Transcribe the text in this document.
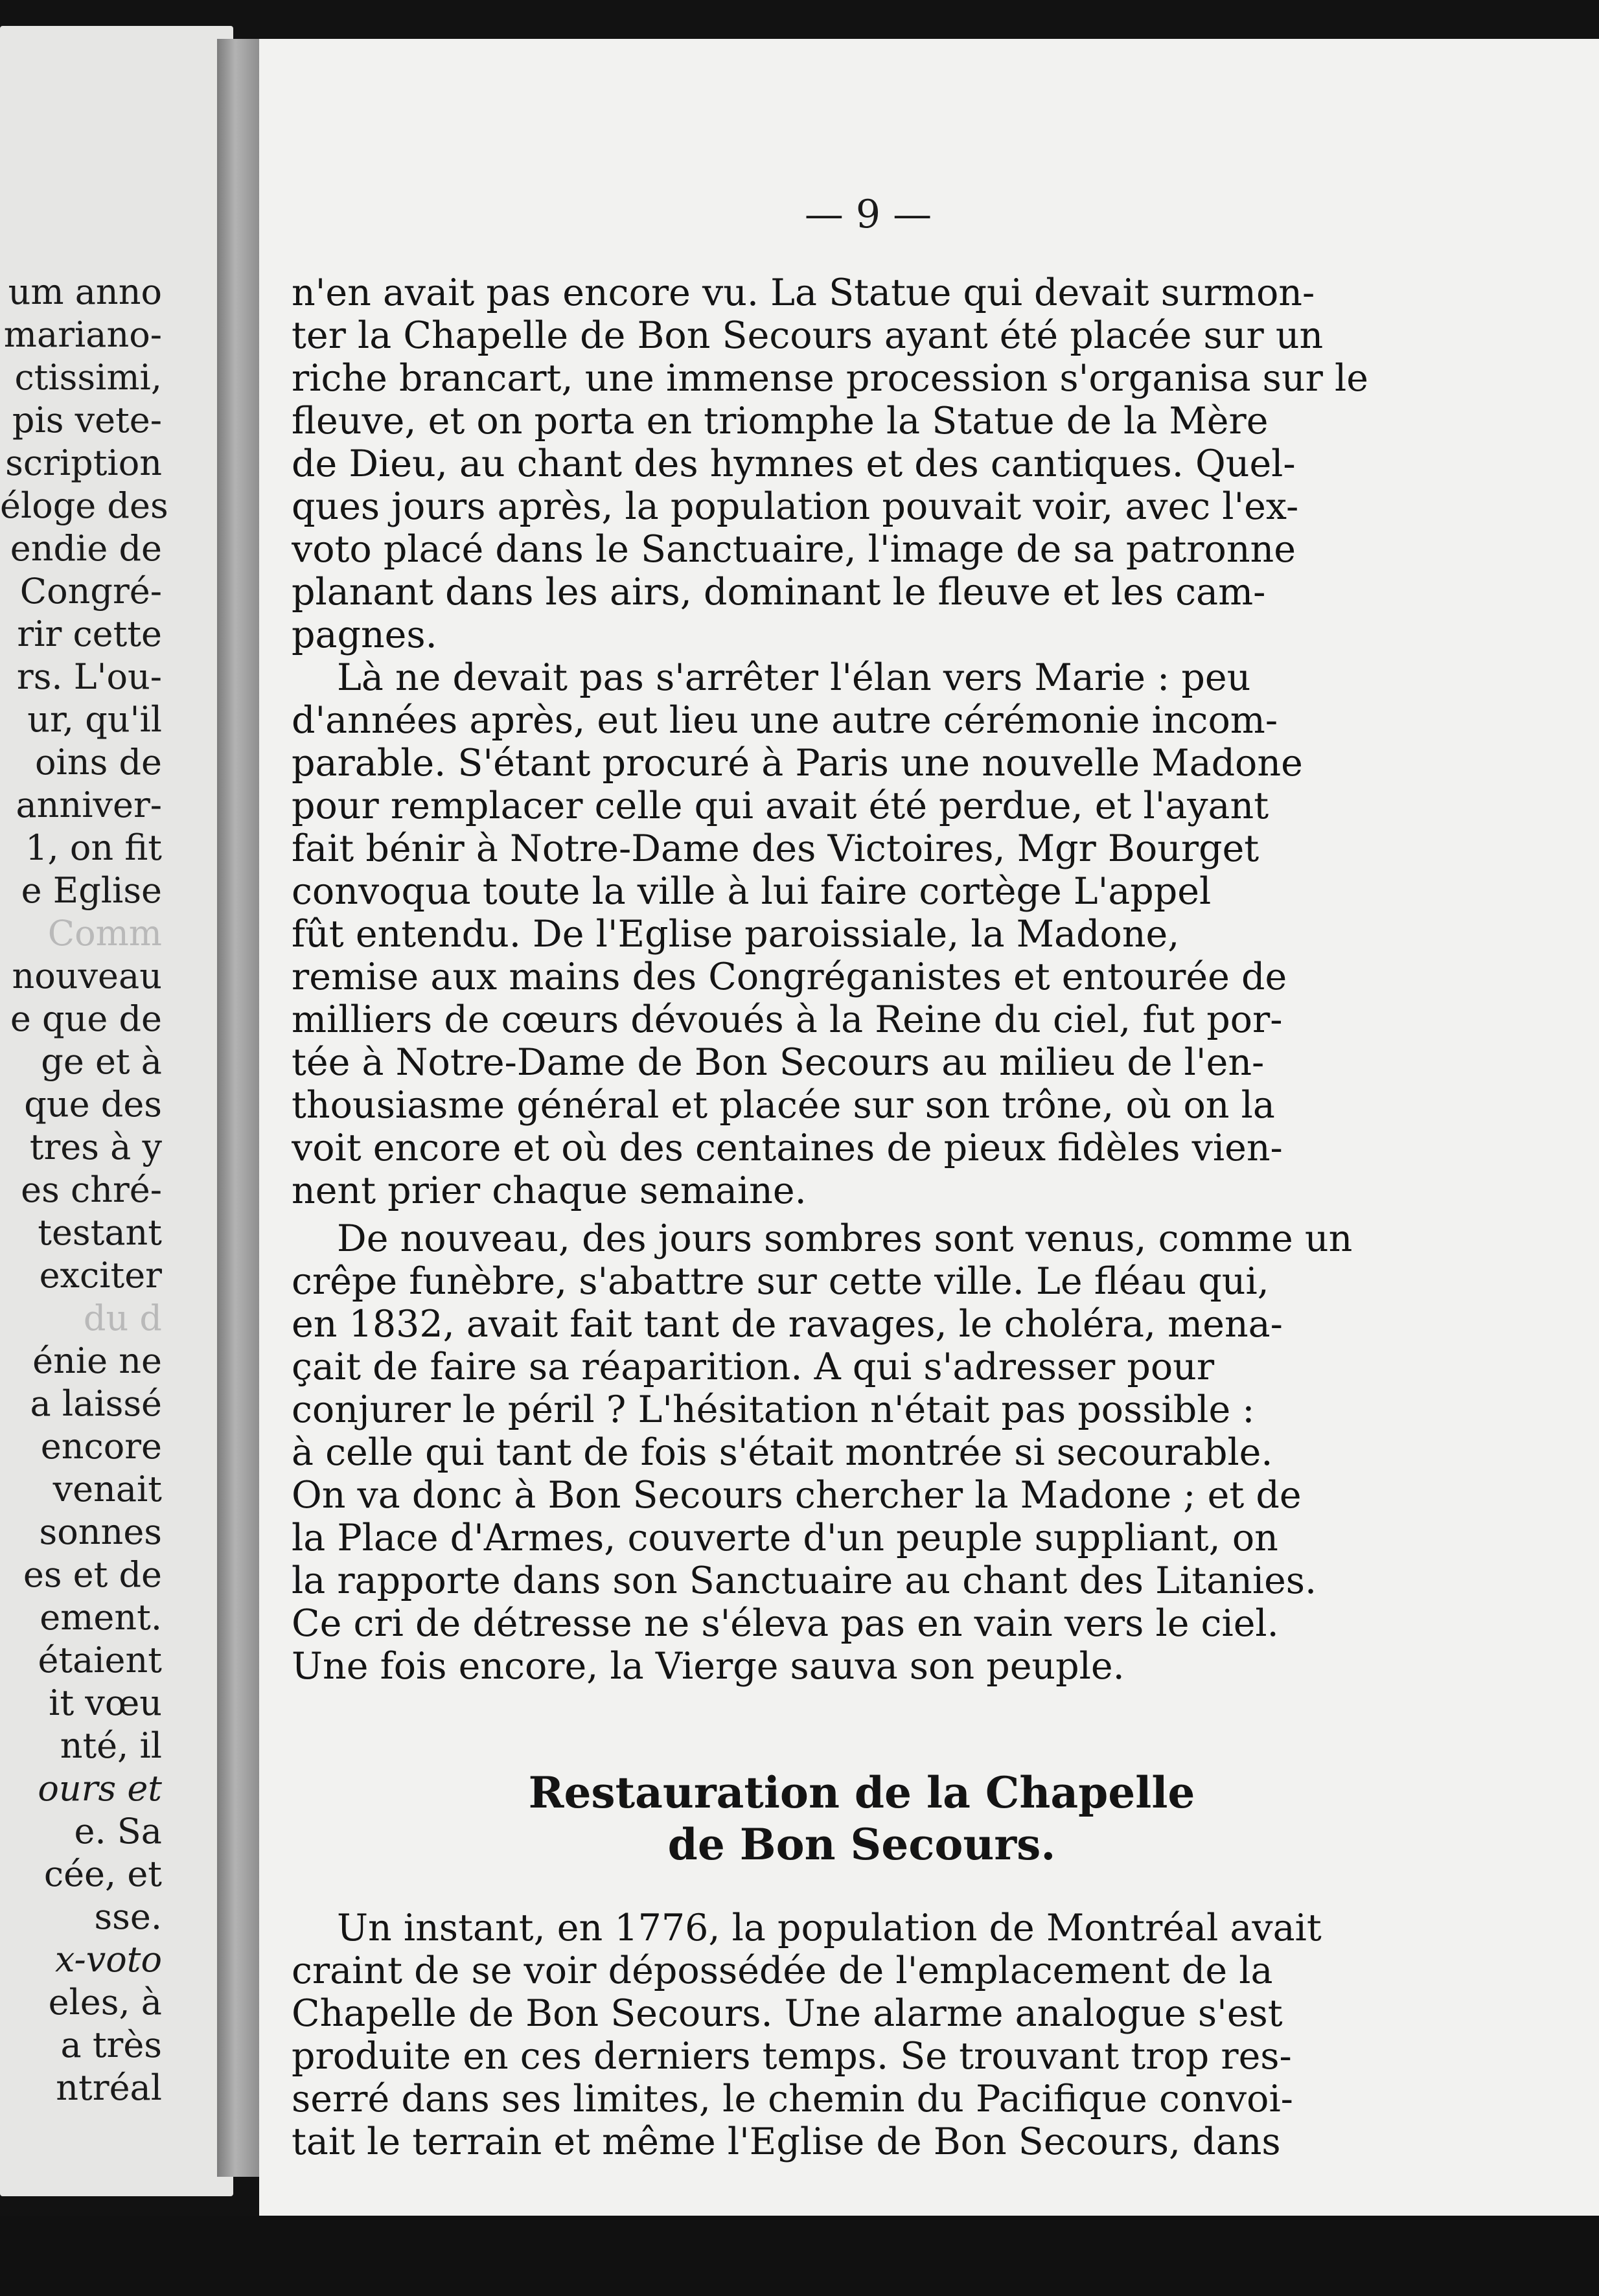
um anno
mariano-
ctissimi,
pis vete-
scription
éloge des
endie de
Congré-
rir cette
rs. L'ou-
ur, qu'il
oins de
anniver-
1, on fit
e Eglise
Comm
nouveau
e que de
ge et à
que des
tres à y
es chré-
testant
exciter
du d
énie ne
a laissé
encore
venait
sonnes
es et de
ement.
étaient
it vœu
nté, il
ours et
e. Sa
cée, et
sse.
x-voto
eles, à
a très
ntréal
— 9 —
n'en avait pas encore vu. La Statue qui devait surmon-
ter la Chapelle de Bon Secours ayant été placée sur un
riche brancart, une immense procession s'organisa sur le
fleuve, et on porta en triomphe la Statue de la Mère
de Dieu, au chant des hymnes et des cantiques. Quel-
ques jours après, la population pouvait voir, avec l'ex-
voto placé dans le Sanctuaire, l'image de sa patronne
planant dans les airs, dominant le fleuve et les cam-
pagnes.
Là ne devait pas s'arrêter l'élan vers Marie : peu
d'années après, eut lieu une autre cérémonie incom-
parable. S'étant procuré à Paris une nouvelle Madone
pour remplacer celle qui avait été perdue, et l'ayant
fait bénir à Notre-Dame des Victoires, Mgr Bourget
convoqua toute la ville à lui faire cortège L'appel
fût entendu. De l'Eglise paroissiale, la Madone,
remise aux mains des Congréganistes et entourée de
milliers de cœurs dévoués à la Reine du ciel, fut por-
tée à Notre-Dame de Bon Secours au milieu de l'en-
thousiasme général et placée sur son trône, où on la
voit encore et où des centaines de pieux fidèles vien-
nent prier chaque semaine.
De nouveau, des jours sombres sont venus, comme un
crêpe funèbre, s'abattre sur cette ville. Le fléau qui,
en 1832, avait fait tant de ravages, le choléra, mena-
çait de faire sa réaparition. A qui s'adresser pour
conjurer le péril ? L'hésitation n'était pas possible :
à celle qui tant de fois s'était montrée si secourable.
On va donc à Bon Secours chercher la Madone ; et de
la Place d'Armes, couverte d'un peuple suppliant, on
la rapporte dans son Sanctuaire au chant des Litanies.
Ce cri de détresse ne s'éleva pas en vain vers le ciel.
Une fois encore, la Vierge sauva son peuple.
Restauration de la Chapelle
de Bon Secours.
Un instant, en 1776, la population de Montréal avait
craint de se voir dépossédée de l'emplacement de la
Chapelle de Bon Secours. Une alarme analogue s'est
produite en ces derniers temps. Se trouvant trop res-
serré dans ses limites, le chemin du Pacifique convoi-
tait le terrain et même l'Eglise de Bon Secours, dans
